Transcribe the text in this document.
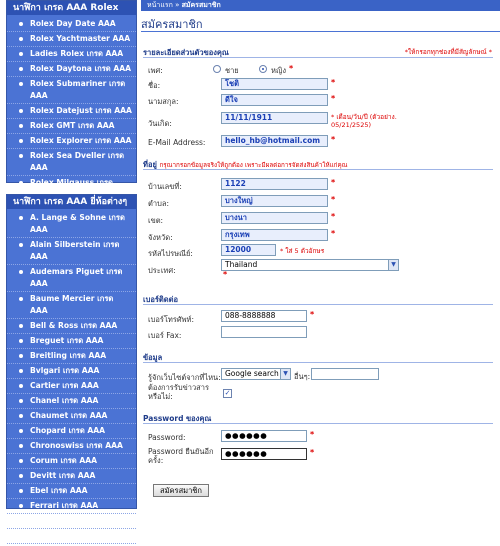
นาฬิกา เกรด AAA Rolex
Rolex Day Date AAA
Rolex Yachtmaster AAA
Ladies Rolex เกรด AAA
Rolex Daytona เกรด AAA
Rolex Submariner เกรด AAA
Rolex Datejust เกรด AAA
Rolex GMT เกรด AAA
Rolex Explorer เกรด AAA
Rolex Sea Dveller เกรด AAA
Rolex Milgauss เกรด
นาฬิกา เกรด AAA ยี่ห้อต่างๆ
A. Lange & Sohne เกรด AAA
Alain Silberstein เกรด AAA
Audemars Piguet เกรด AAA
Baume Mercier เกรด AAA
Bell & Ross เกรด AAA
Breguet เกรด AAA
Breitling เกรด AAA
Bvlgari เกรด AAA
Cartier เกรด AAA
Chanel เกรด AAA
Chaumet เกรด AAA
Chopard เกรด AAA
Chronoswiss เกรด AAA
Corum เกรด AAA
Devitt เกรด AAA
Ebel เกรด AAA
Ferrari เกรด AAA
Franck Muller เกรด AAA
Glashutte เกรด AAA
หน้าแรก » สมัครสมาชิก
สมัครสมาชิก
รายละเอียดส่วนตัวของคุณ	*ให้กรอกทุกช่องที่มีสัญลักษณ์ *
เพศ:	ชาย	หญิง *
ชื่อ:	โชติ	*
นามสกุล:	ดีใจ	*
วันเกิด:
11/11/1911	* เดือน/วัน/ปี (ตัวอย่าง. 05/21/2525)
E-Mail Address:	hello_hb@hotmail.com	*
ที่อยู่ กรุณากรอกข้อมูลจริงให้ถูกต้อง เพราะมีผลต่อการจัดส่งสินค้าให้แก่คุณ
บ้านเลขที่:	1122	*
ตำบล:	บางใหญ่	*
เขต:	บางนา	*
จังหวัด:	กรุงเทพ	*
รหัสไปรษณีย์:	12000	* ใส่ 5 ตัวอักษร
ประเทศ:
Thailand	▼
*
เบอร์ติดต่อ
เบอร์โทรศัพท์:	088-8888888	*
เบอร์ Fax:
ข้อมูล
รู้จักเว็บไซต์จากที่ไหน: Google search ▼ อื่นๆ:
ต้องการรับข่าวสารหรือไม่:	✓
Password ของคุณ
Password:	●●●●●●	*
Password ยืนยันอีกครั้ง:
●●●●●●	*
สมัครสมาชิก
